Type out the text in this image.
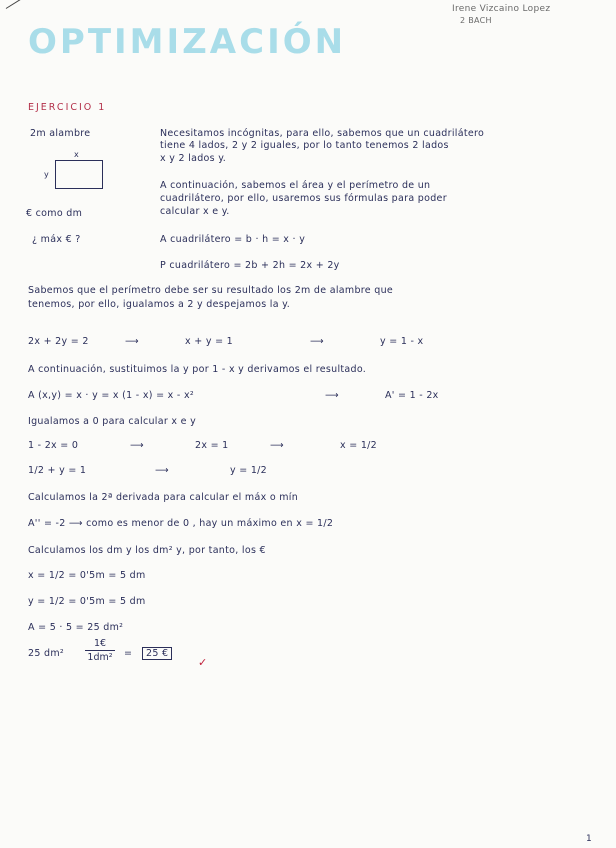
Irene Vizcaino Lopez
2 BACH
OPTIMIZACIÓN
EJERCICIO 1
2m alambre
€ como dm
¿ máx € ?
x
y
Necesitamos incógnitas, para ello, sabemos que un cuadrilátero
tiene 4 lados, 2 y 2 iguales, por lo tanto tenemos 2 lados
x y 2 lados y.
A continuación, sabemos el área y el perímetro de un
cuadrilátero, por ello, usaremos sus fórmulas para poder
calcular x e y.
A cuadrilátero = b · h = x · y
P cuadrilátero = 2b + 2h = 2x + 2y
Sabemos que el perímetro debe ser su resultado los 2m de alambre que
tenemos, por ello, igualamos a 2 y despejamos la y.
2x + 2y = 2	⟶	x + y = 1	⟶	y = 1 - x
A continuación, sustituimos la y por 1 - x y derivamos el resultado.
A (x,y) = x · y = x (1 - x) = x - x²	⟶	A' = 1 - 2x
Igualamos a 0 para calcular x e y
1 - 2x = 0	⟶	2x = 1	⟶	x = 1/2
1/2 + y = 1	⟶	y = 1/2
Calculamos la 2ª derivada para calcular el máx o mín
A'' = -2 ⟶ como es menor de 0 , hay un máximo en x = 1/2
Calculamos los dm y los dm² y, por tanto, los €
x = 1/2 = 0'5m = 5 dm
y = 1/2 = 0'5m = 5 dm
A = 5 · 5 = 25 dm²
25 dm²
1€
1dm² =	25 €
✓
1
